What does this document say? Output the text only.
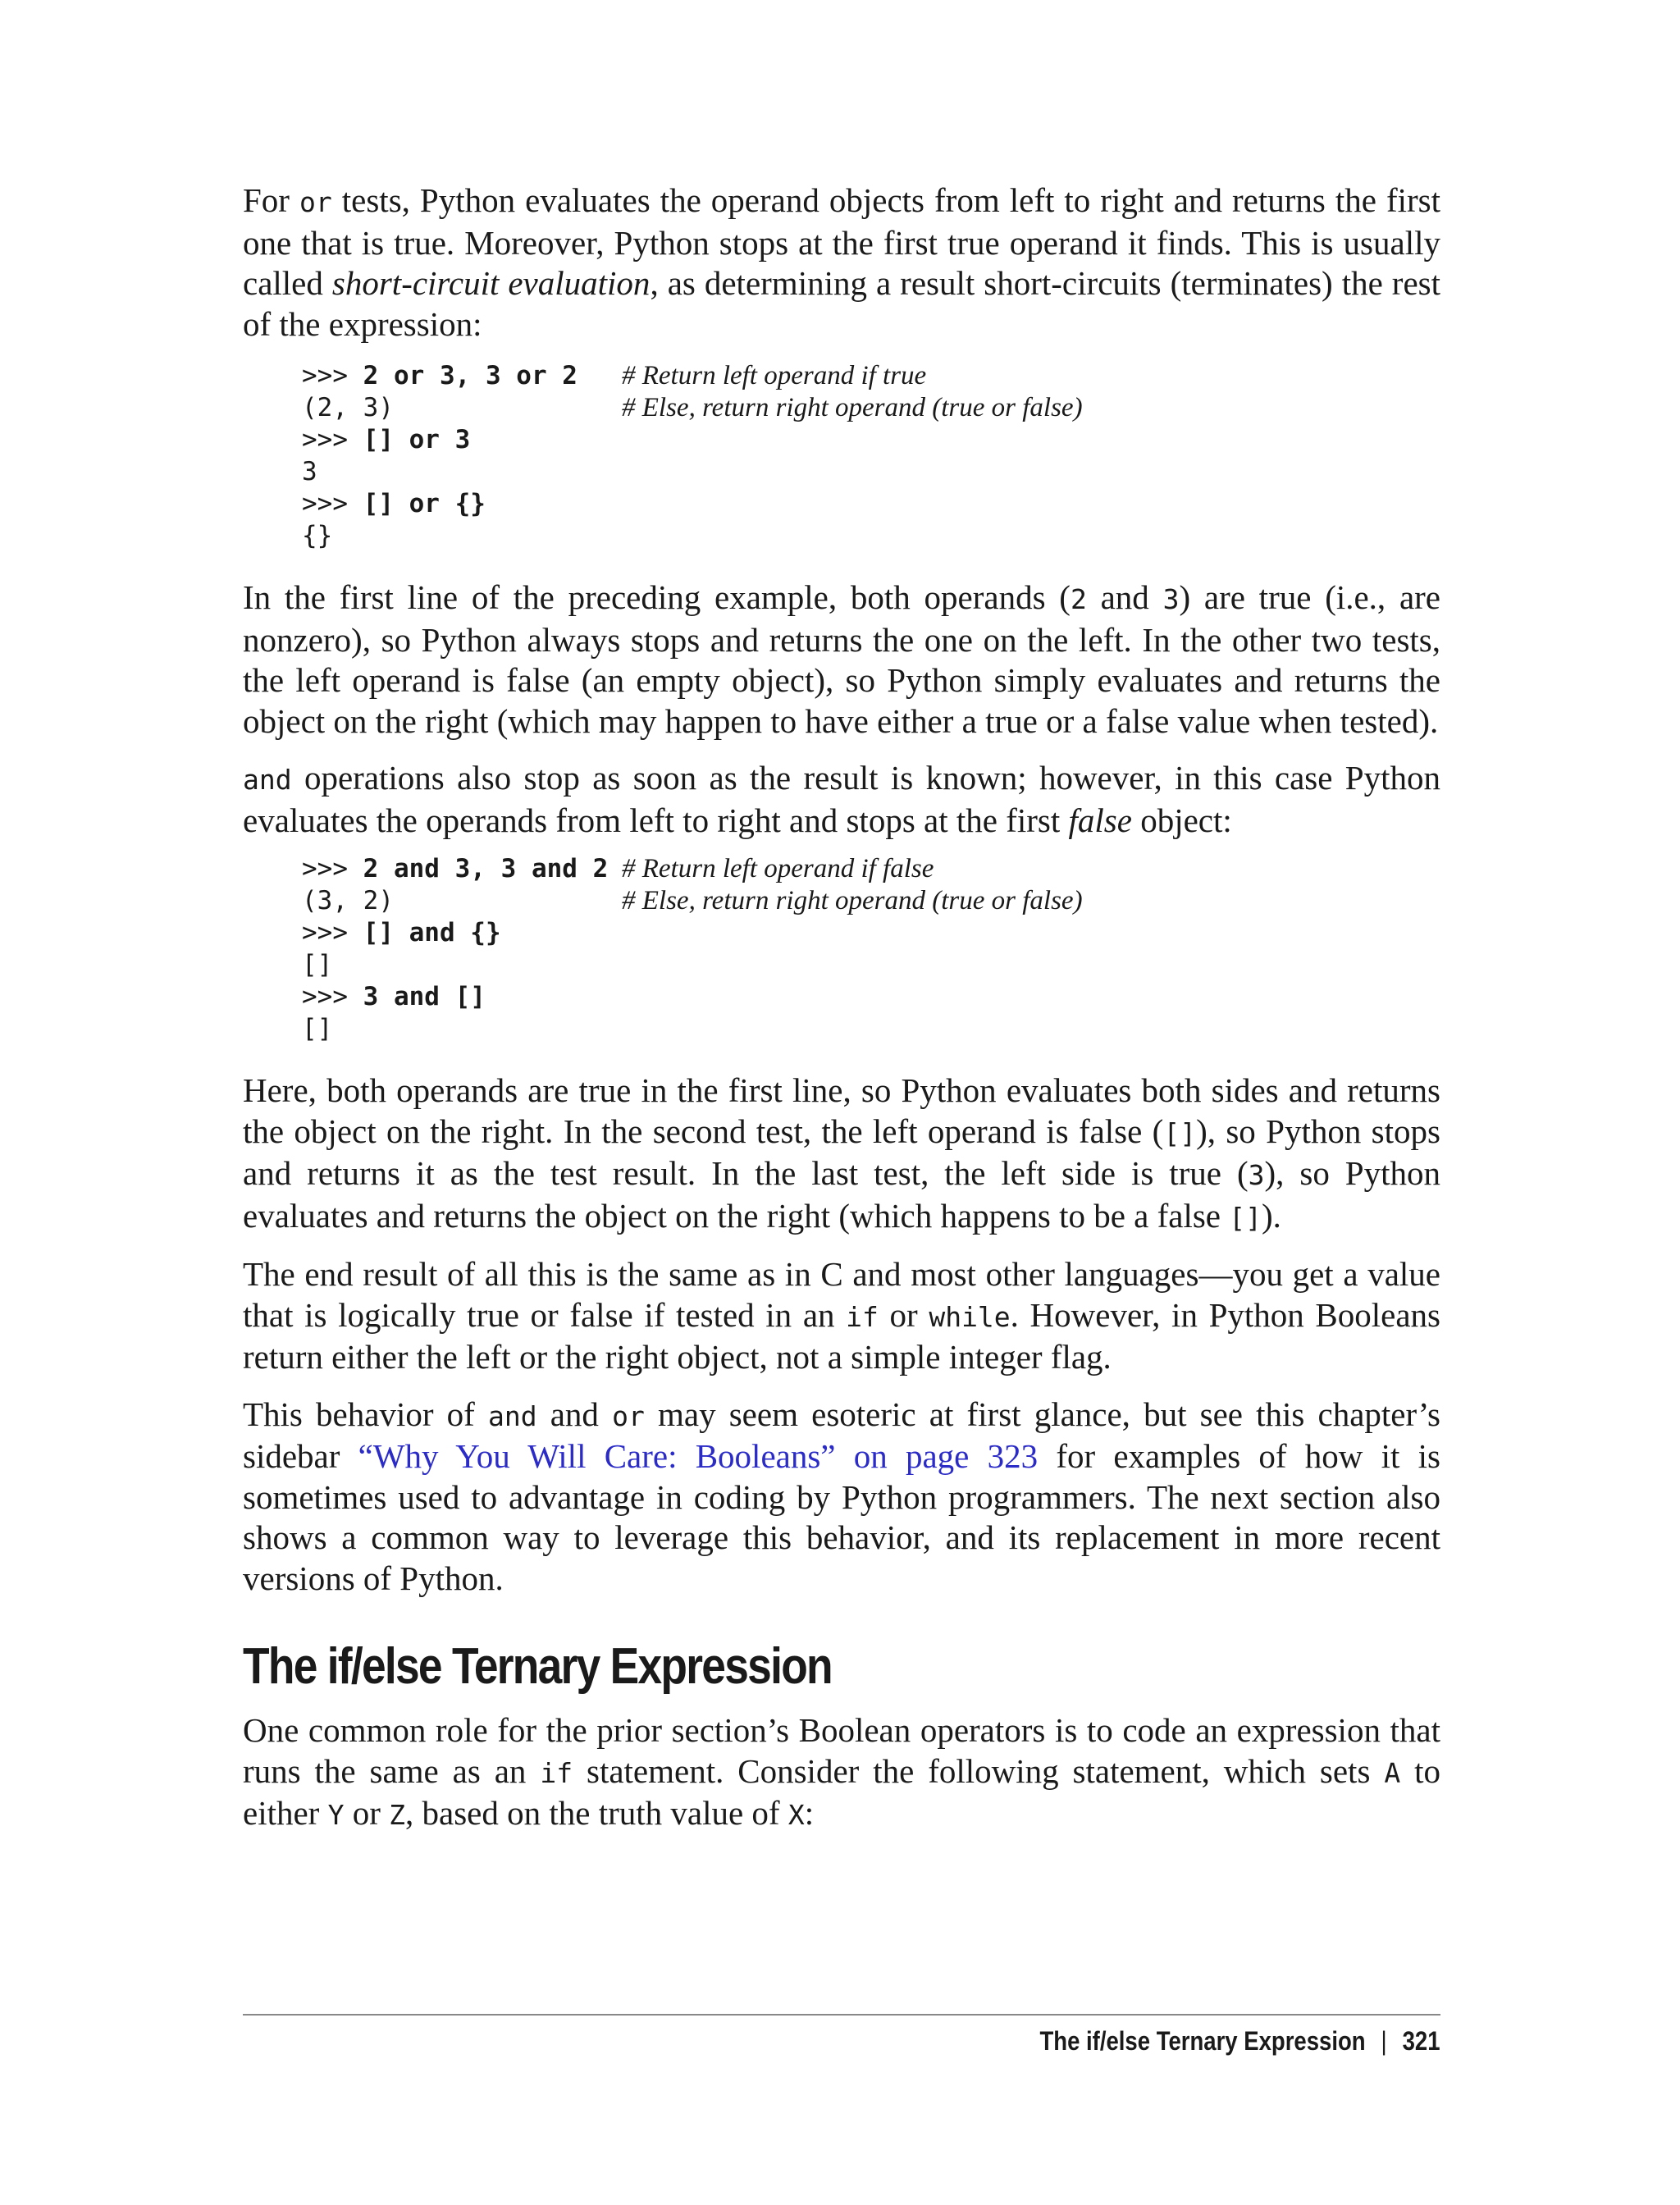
For or tests, Python evaluates the operand objects from left to right and returns the first one that is true. Moreover, Python stops at the first true operand it finds. This is usually called short-circuit evaluation, as determining a result short-circuits (terminates) the rest of the expression:

>>> 2 or 3, 3 or 2	# Return left operand if true
(2, 3)	# Else, return right operand (true or false)
>>> [] or 3
3
>>> [] or {}
{}

In the first line of the preceding example, both operands (2 and 3) are true (i.e., are nonzero), so Python always stops and returns the one on the left. In the other two tests, the left operand is false (an empty object), so Python simply evaluates and returns the object on the right (which may happen to have either a true or a false value when tested).

and operations also stop as soon as the result is known; however, in this case Python evaluates the operands from left to right and stops at the first false object:

>>> 2 and 3, 3 and 2 # Return left operand if false
(3, 2)	# Else, return right operand (true or false)
>>> [] and {}
[]
>>> 3 and []
[]

Here, both operands are true in the first line, so Python evaluates both sides and returns the object on the right. In the second test, the left operand is false ([]), so Python stops and returns it as the test result. In the last test, the left side is true (3), so Python evaluates and returns the object on the right (which happens to be a false []).

The end result of all this is the same as in C and most other languages—you get a value that is logically true or false if tested in an if or while. However, in Python Booleans return either the left or the right object, not a simple integer flag.

This behavior of and and or may seem esoteric at first glance, but see this chapter’s sidebar “Why You Will Care: Booleans” on page 323 for examples of how it is sometimes used to advantage in coding by Python programmers. The next section also shows a common way to leverage this behavior, and its replacement in more recent versions of Python.

The if/else Ternary Expression

One common role for the prior section’s Boolean operators is to code an expression that runs the same as an if statement. Consider the following statement, which sets A to either Y or Z, based on the truth value of X:

The if/else Ternary Expression | 321
